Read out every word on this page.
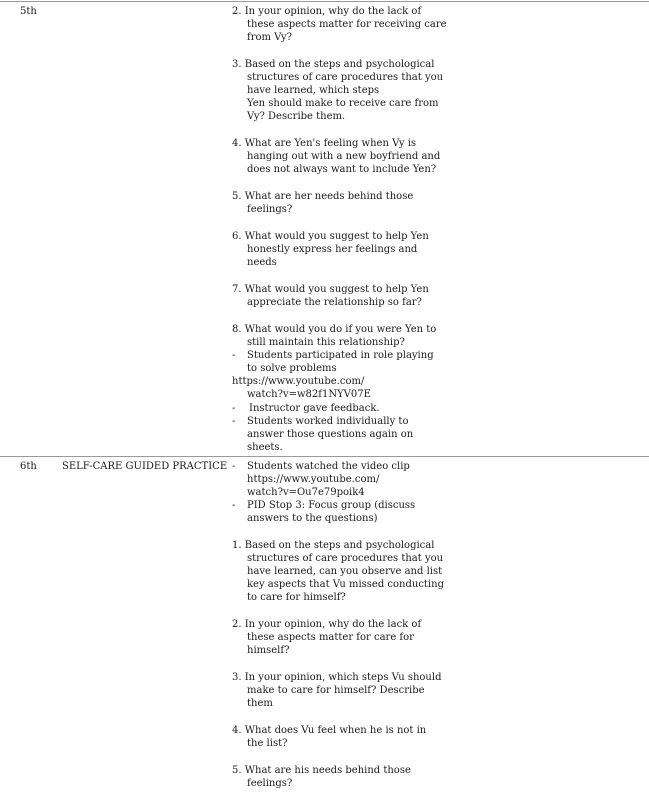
5th
6th	SELF-CARE GUIDED PRACTICE
2. In your opinion, why do the lack of
these aspects matter for receiving care
from Vy?
3. Based on the steps and psychological
structures of care procedures that you
have learned, which steps
Yen should make to receive care from
Vy? Describe them.
4. What are Yen's feeling when Vy is
hanging out with a new boyfriend and
does not always want to include Yen?
5. What are her needs behind those
feelings?
6. What would you suggest to help Yen
honestly express her feelings and
needs
7. What would you suggest to help Yen
appreciate the relationship so far?
8. What would you do if you were Yen to
still maintain this relationship?
- Students participated in role playing
to solve problems
https://www.youtube.com/
watch?v=w82f1NYV07E
- Instructor gave feedback.
- Students worked individually to
answer those questions again on
sheets.
- Students watched the video clip
https://www.youtube.com/
watch?v=Ou7e79poik4
- PID Stop 3: Focus group (discuss
answers to the questions)
1. Based on the steps and psychological
structures of care procedures that you
have learned, can you observe and list
key aspects that Vu missed conducting
to care for himself?
2. In your opinion, why do the lack of
these aspects matter for care for
himself?
3. In your opinion, which steps Vu should
make to care for himself? Describe
them
4. What does Vu feel when he is not in
the list?
5. What are his needs behind those
feelings?
